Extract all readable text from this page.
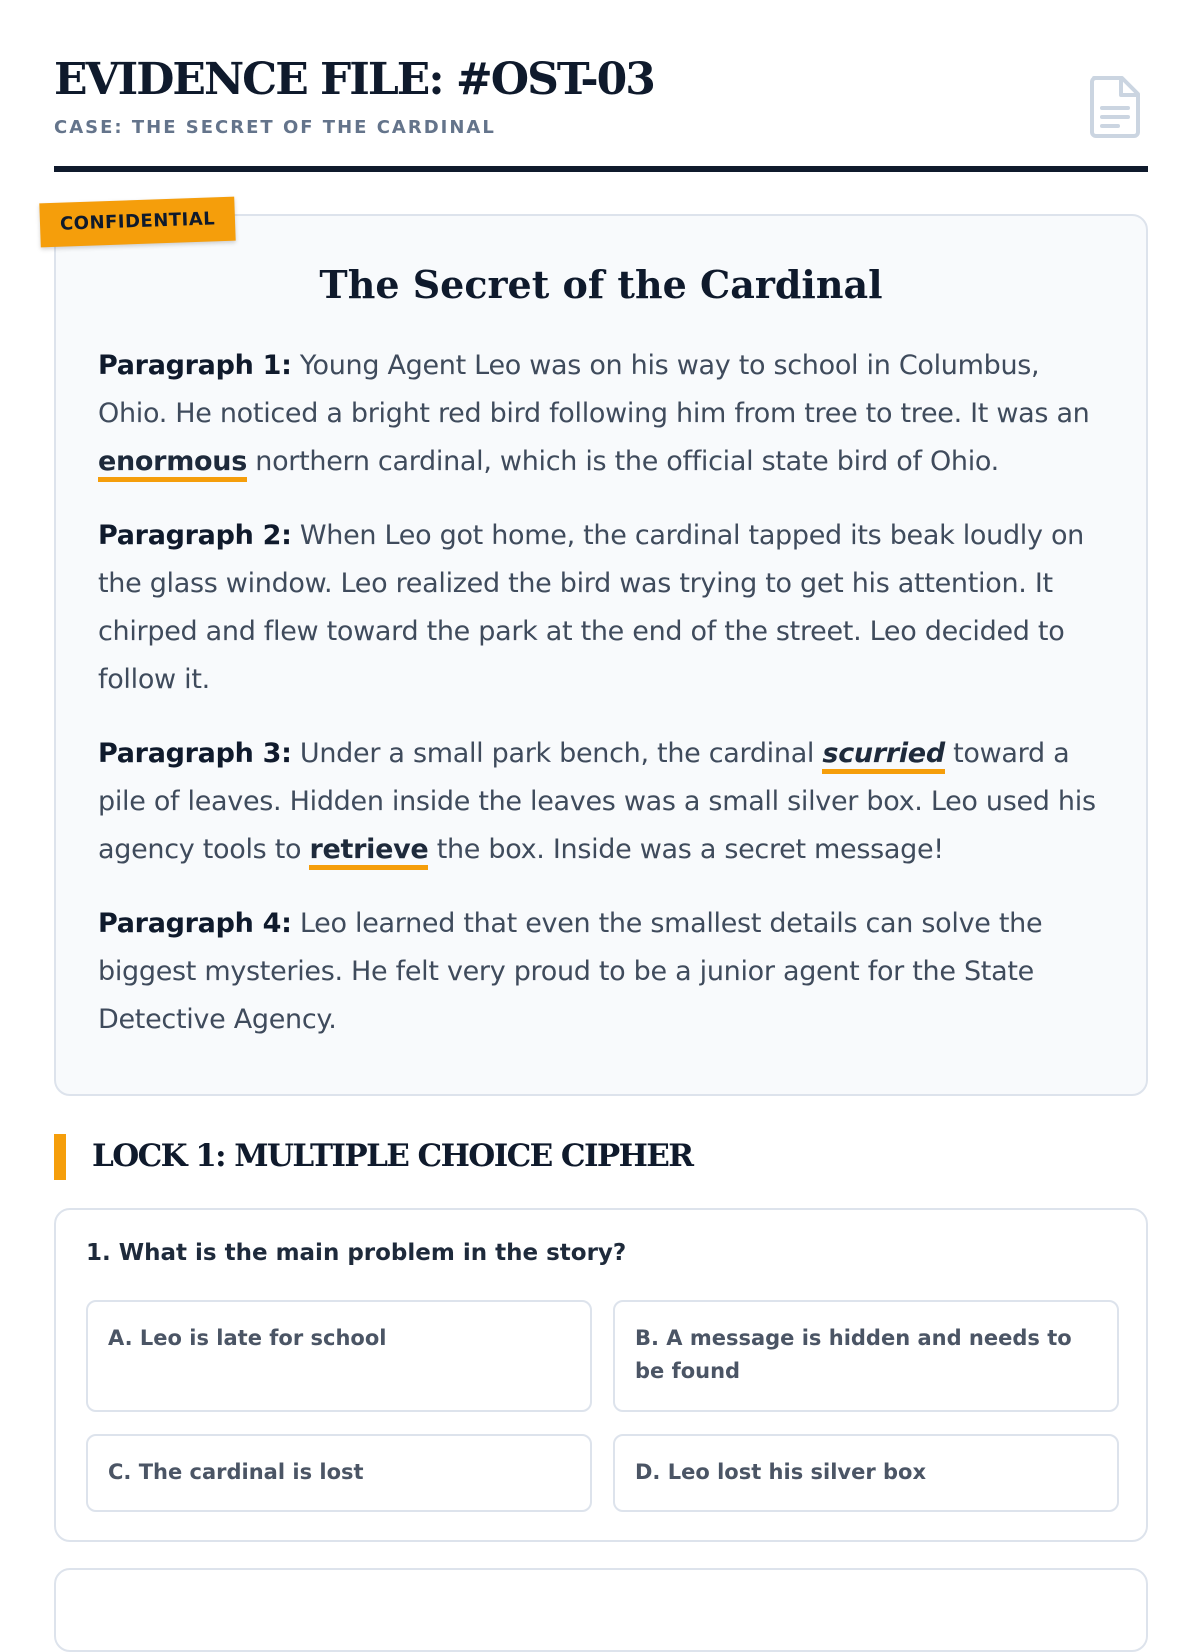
EVIDENCE FILE: #OST-03
CASE: THE SECRET OF THE CARDINAL
CONFIDENTIAL
The Secret of the Cardinal

Paragraph 1: Young Agent Leo was on his way to school in Columbus, Ohio. He noticed a bright red bird following him from tree to tree. It was an enormous northern cardinal, which is the official state bird of Ohio.

Paragraph 2: When Leo got home, the cardinal tapped its beak loudly on the glass window. Leo realized the bird was trying to get his attention. It chirped and flew toward the park at the end of the street. Leo decided to follow it.

Paragraph 3: Under a small park bench, the cardinal scurried toward a pile of leaves. Hidden inside the leaves was a small silver box. Leo used his agency tools to retrieve the box. Inside was a secret message!

Paragraph 4: Leo learned that even the smallest details can solve the biggest mysteries. He felt very proud to be a junior agent for the State Detective Agency.

LOCK 1: MULTIPLE CHOICE CIPHER

1. What is the main problem in the story?

A. Leo is late for school	B. A message is hidden and needs to be found
C. The cardinal is lost	D. Leo lost his silver box
